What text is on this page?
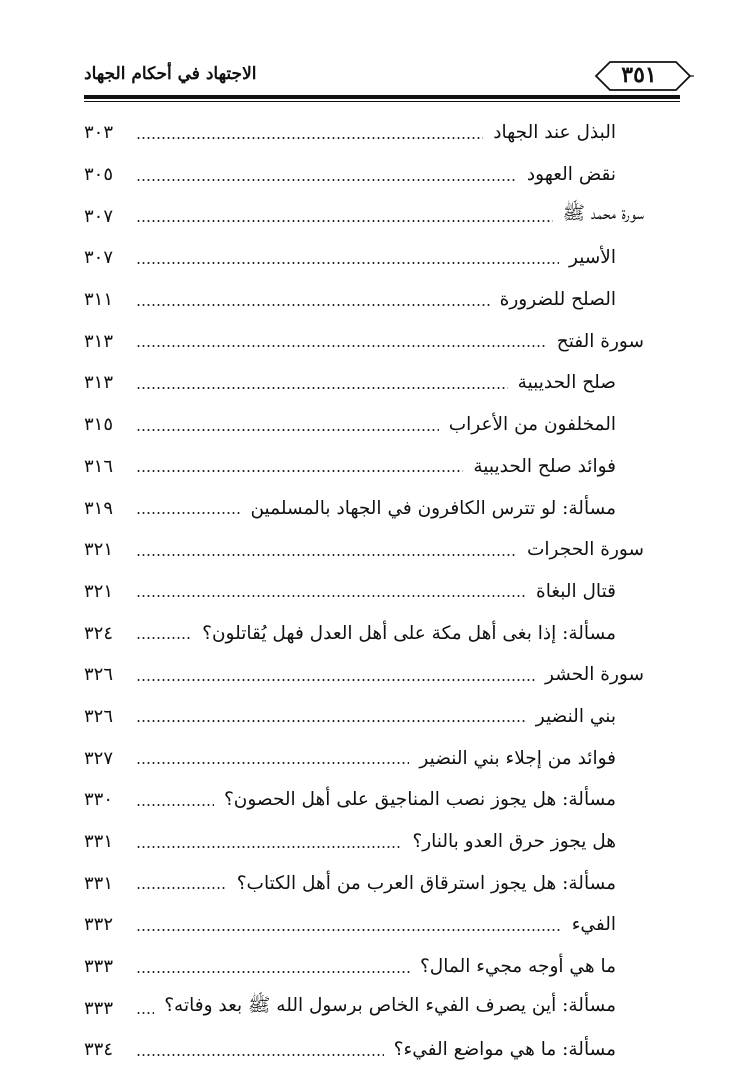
الاجتهاد في أحكام الجهاد	٣٥١
البذل عند الجهاد
٣٠٣
نقض العهود
٣٠٥
سورة محمد ﷺ
٣٠٧
الأسير
٣٠٧
الصلح للضرورة
٣١١
سورة الفتح
٣١٣
صلح الحديبية
٣١٣
المخلفون من الأعراب
٣١٥
فوائد صلح الحديبية
٣١٦
مسألة: لو تترس الكافرون في الجهاد بالمسلمين
٣١٩
سورة الحجرات
٣٢١
قتال البغاة
٣٢١
مسألة: إذا بغى أهل مكة على أهل العدل فهل يُقاتلون؟
٣٢٤
سورة الحشر
٣٢٦
بني النضير
٣٢٦
فوائد من إجلاء بني النضير
٣٢٧
مسألة: هل يجوز نصب المناجيق على أهل الحصون؟
٣٣٠
هل يجوز حرق العدو بالنار؟
٣٣١
مسألة: هل يجوز استرقاق العرب من أهل الكتاب؟
٣٣١
الفيء
٣٣٢
ما هي أوجه مجيء المال؟
٣٣٣
مسألة: أين يصرف الفيء الخاص برسول الله ﷺ بعد وفاته؟
٣٣٣
مسألة: ما هي مواضع الفيء؟
٣٣٤
